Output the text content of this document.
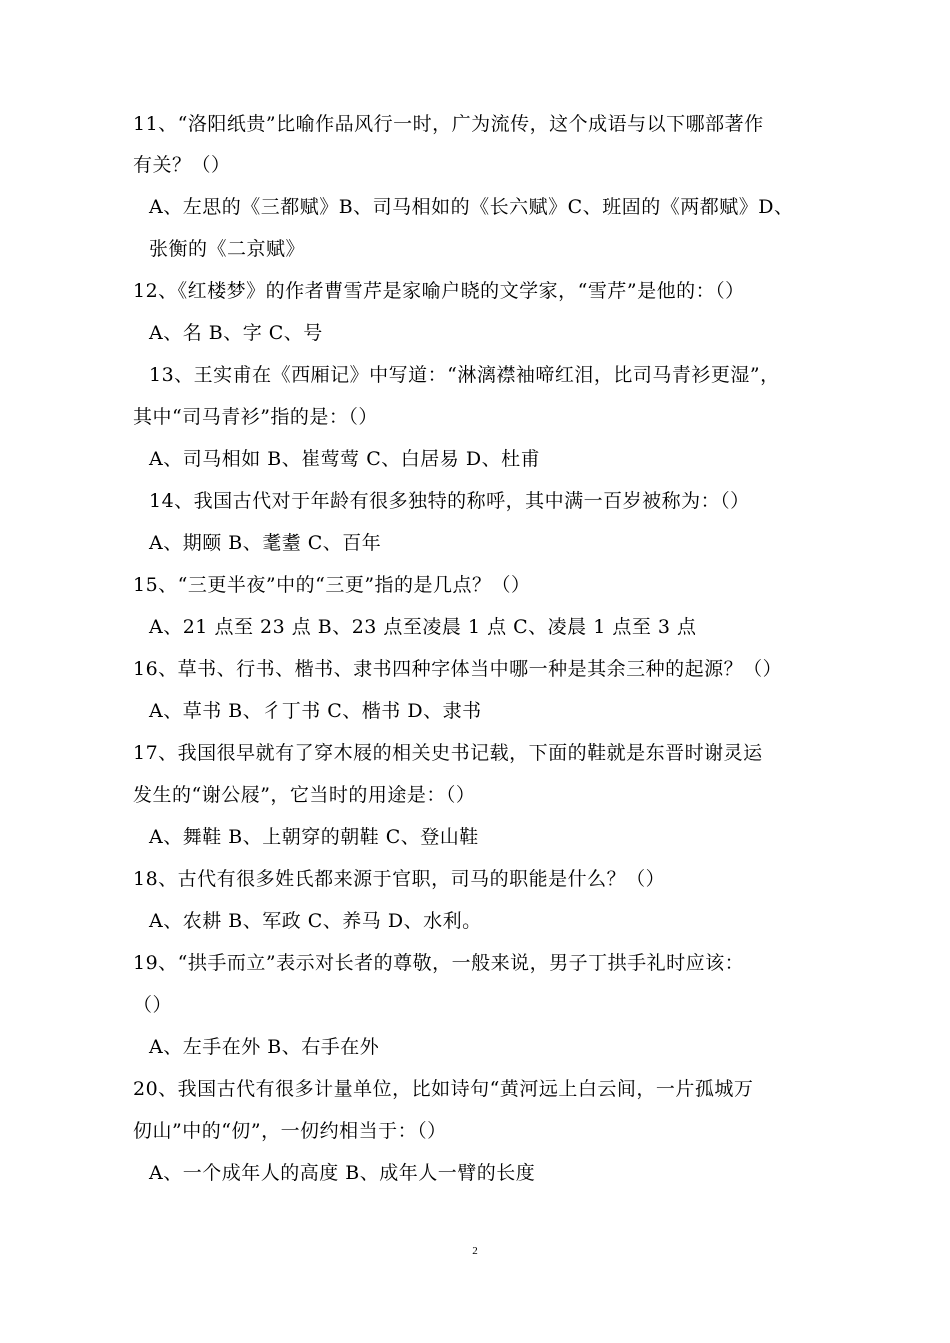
11、“洛阳纸贵”比喻作品风行一时，广为流传，这个成语与以下哪部著作
有关？（）
A、左思的《三都赋》B、司马相如的《长六赋》C、班固的《两都赋》D、
张衡的《二京赋》
12、《红楼梦》的作者曹雪芹是家喻户晓的文学家，“雪芹”是他的：（）
A、名 B、字 C、号
13、王实甫在《西厢记》中写道：“淋漓襟袖啼红泪，比司马青衫更湿”，
其中“司马青衫”指的是：（）
A、司马相如 B、崔莺莺 C、白居易 D、杜甫
14、我国古代对于年龄有很多独特的称呼，其中满一百岁被称为：（）
A、期颐 B、耄耋 C、百年
15、“三更半夜”中的“三更”指的是几点？（）
A、21 点至 23 点 B、23 点至凌晨 1 点 C、凌晨 1 点至 3 点
16、草书、行书、楷书、隶书四种字体当中哪一种是其余三种的起源？（）
A、草书 B、彳丁书 C、楷书 D、隶书
17、我国很早就有了穿木屐的相关史书记载，下面的鞋就是东晋时谢灵运
发生的“谢公屐”，它当时的用途是：（）
A、舞鞋 B、上朝穿的朝鞋 C、登山鞋
18、古代有很多姓氏都来源于官职，司马的职能是什么？（）
A、农耕 B、军政 C、养马 D、水利。
19、“拱手而立”表示对长者的尊敬，一般来说，男子丁拱手礼时应该：
（）
A、左手在外 B、右手在外
20、我国古代有很多计量单位，比如诗句“黄河远上白云间，一片孤城万
仞山”中的“仞”，一仞约相当于：（）
A、一个成年人的高度 B、成年人一臂的长度
2
